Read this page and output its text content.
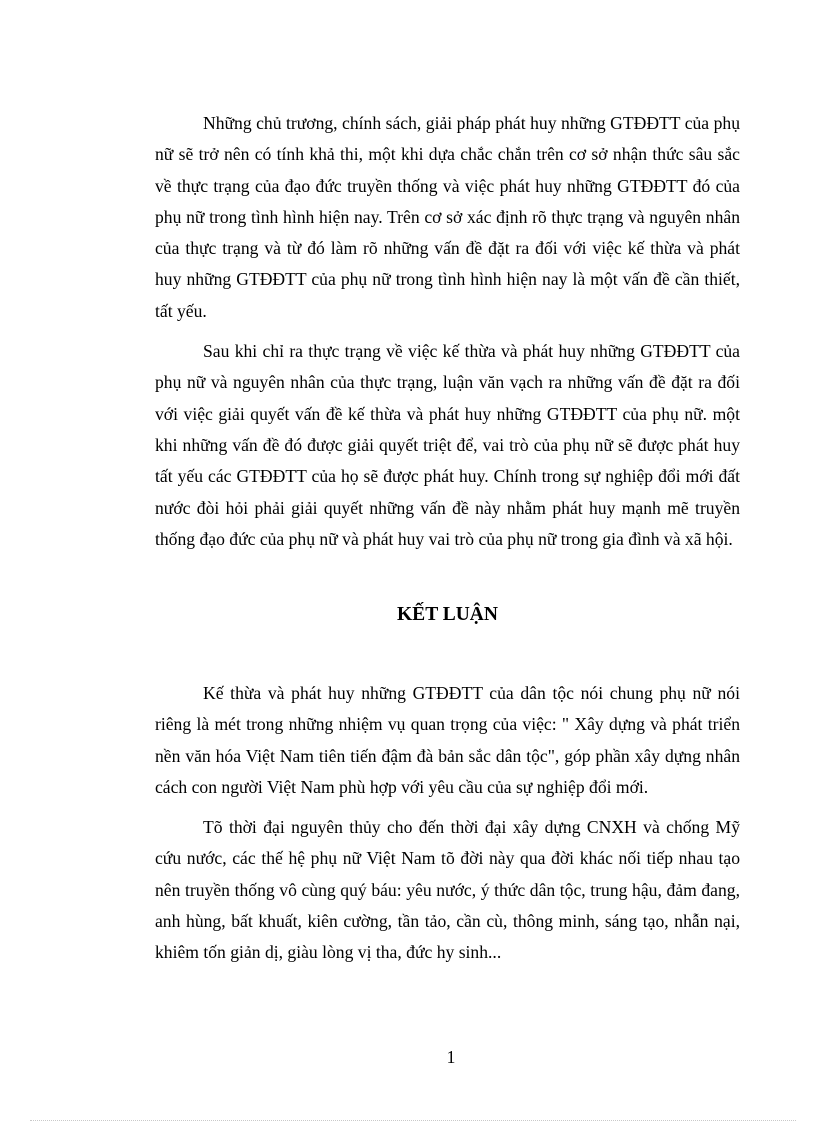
Những chủ trương, chính sách, giải pháp phát huy những GTĐĐTT của phụ nữ sẽ trở nên có tính khả thi, một khi dựa chắc chắn trên cơ sở nhận thức sâu sắc về thực trạng của đạo đức truyền thống và việc phát huy những GTĐĐTT đó của phụ nữ trong tình hình hiện nay. Trên cơ sở xác định rõ thực trạng và nguyên nhân của thực trạng và từ đó làm rõ những vấn đề đặt ra đối với việc kế thừa và phát huy những GTĐĐTT của phụ nữ trong tình hình hiện nay là một vấn đề cần thiết, tất yếu.

Sau khi chỉ ra thực trạng về việc kế thừa và phát huy những GTĐĐTT của phụ nữ và nguyên nhân của thực trạng, luận văn vạch ra những vấn đề đặt ra đối với việc giải quyết vấn đề kế thừa và phát huy những GTĐĐTT của phụ nữ. một khi những vấn đề đó được giải quyết triệt để, vai trò của phụ nữ sẽ được phát huy tất yếu các GTĐĐTT của họ sẽ được phát huy. Chính trong sự nghiệp đổi mới đất nước đòi hỏi phải giải quyết những vấn đề này nhằm phát huy mạnh mẽ truyền thống đạo đức của phụ nữ và phát huy vai trò của phụ nữ trong gia đình và xã hội.

KẾT LUẬN

Kế thừa và phát huy những GTĐĐTT của dân tộc nói chung phụ nữ nói riêng là mét trong những nhiệm vụ quan trọng của việc: " Xây dựng và phát triển nền văn hóa Việt Nam tiên tiến đậm đà bản sắc dân tộc", góp phần xây dựng nhân cách con người Việt Nam phù hợp với yêu cầu của sự nghiệp đổi mới.

Tõ thời đại nguyên thủy cho đến thời đại xây dựng CNXH và chống Mỹ cứu nước, các thế hệ phụ nữ Việt Nam tõ đời này qua đời khác nối tiếp nhau tạo nên truyền thống vô cùng quý báu: yêu nước, ý thức dân tộc, trung hậu, đảm đang, anh hùng, bất khuất, kiên cường, tần tảo, cần cù, thông minh, sáng tạo, nhẫn nại, khiêm tốn giản dị, giàu lòng vị tha, đức hy sinh...

1
